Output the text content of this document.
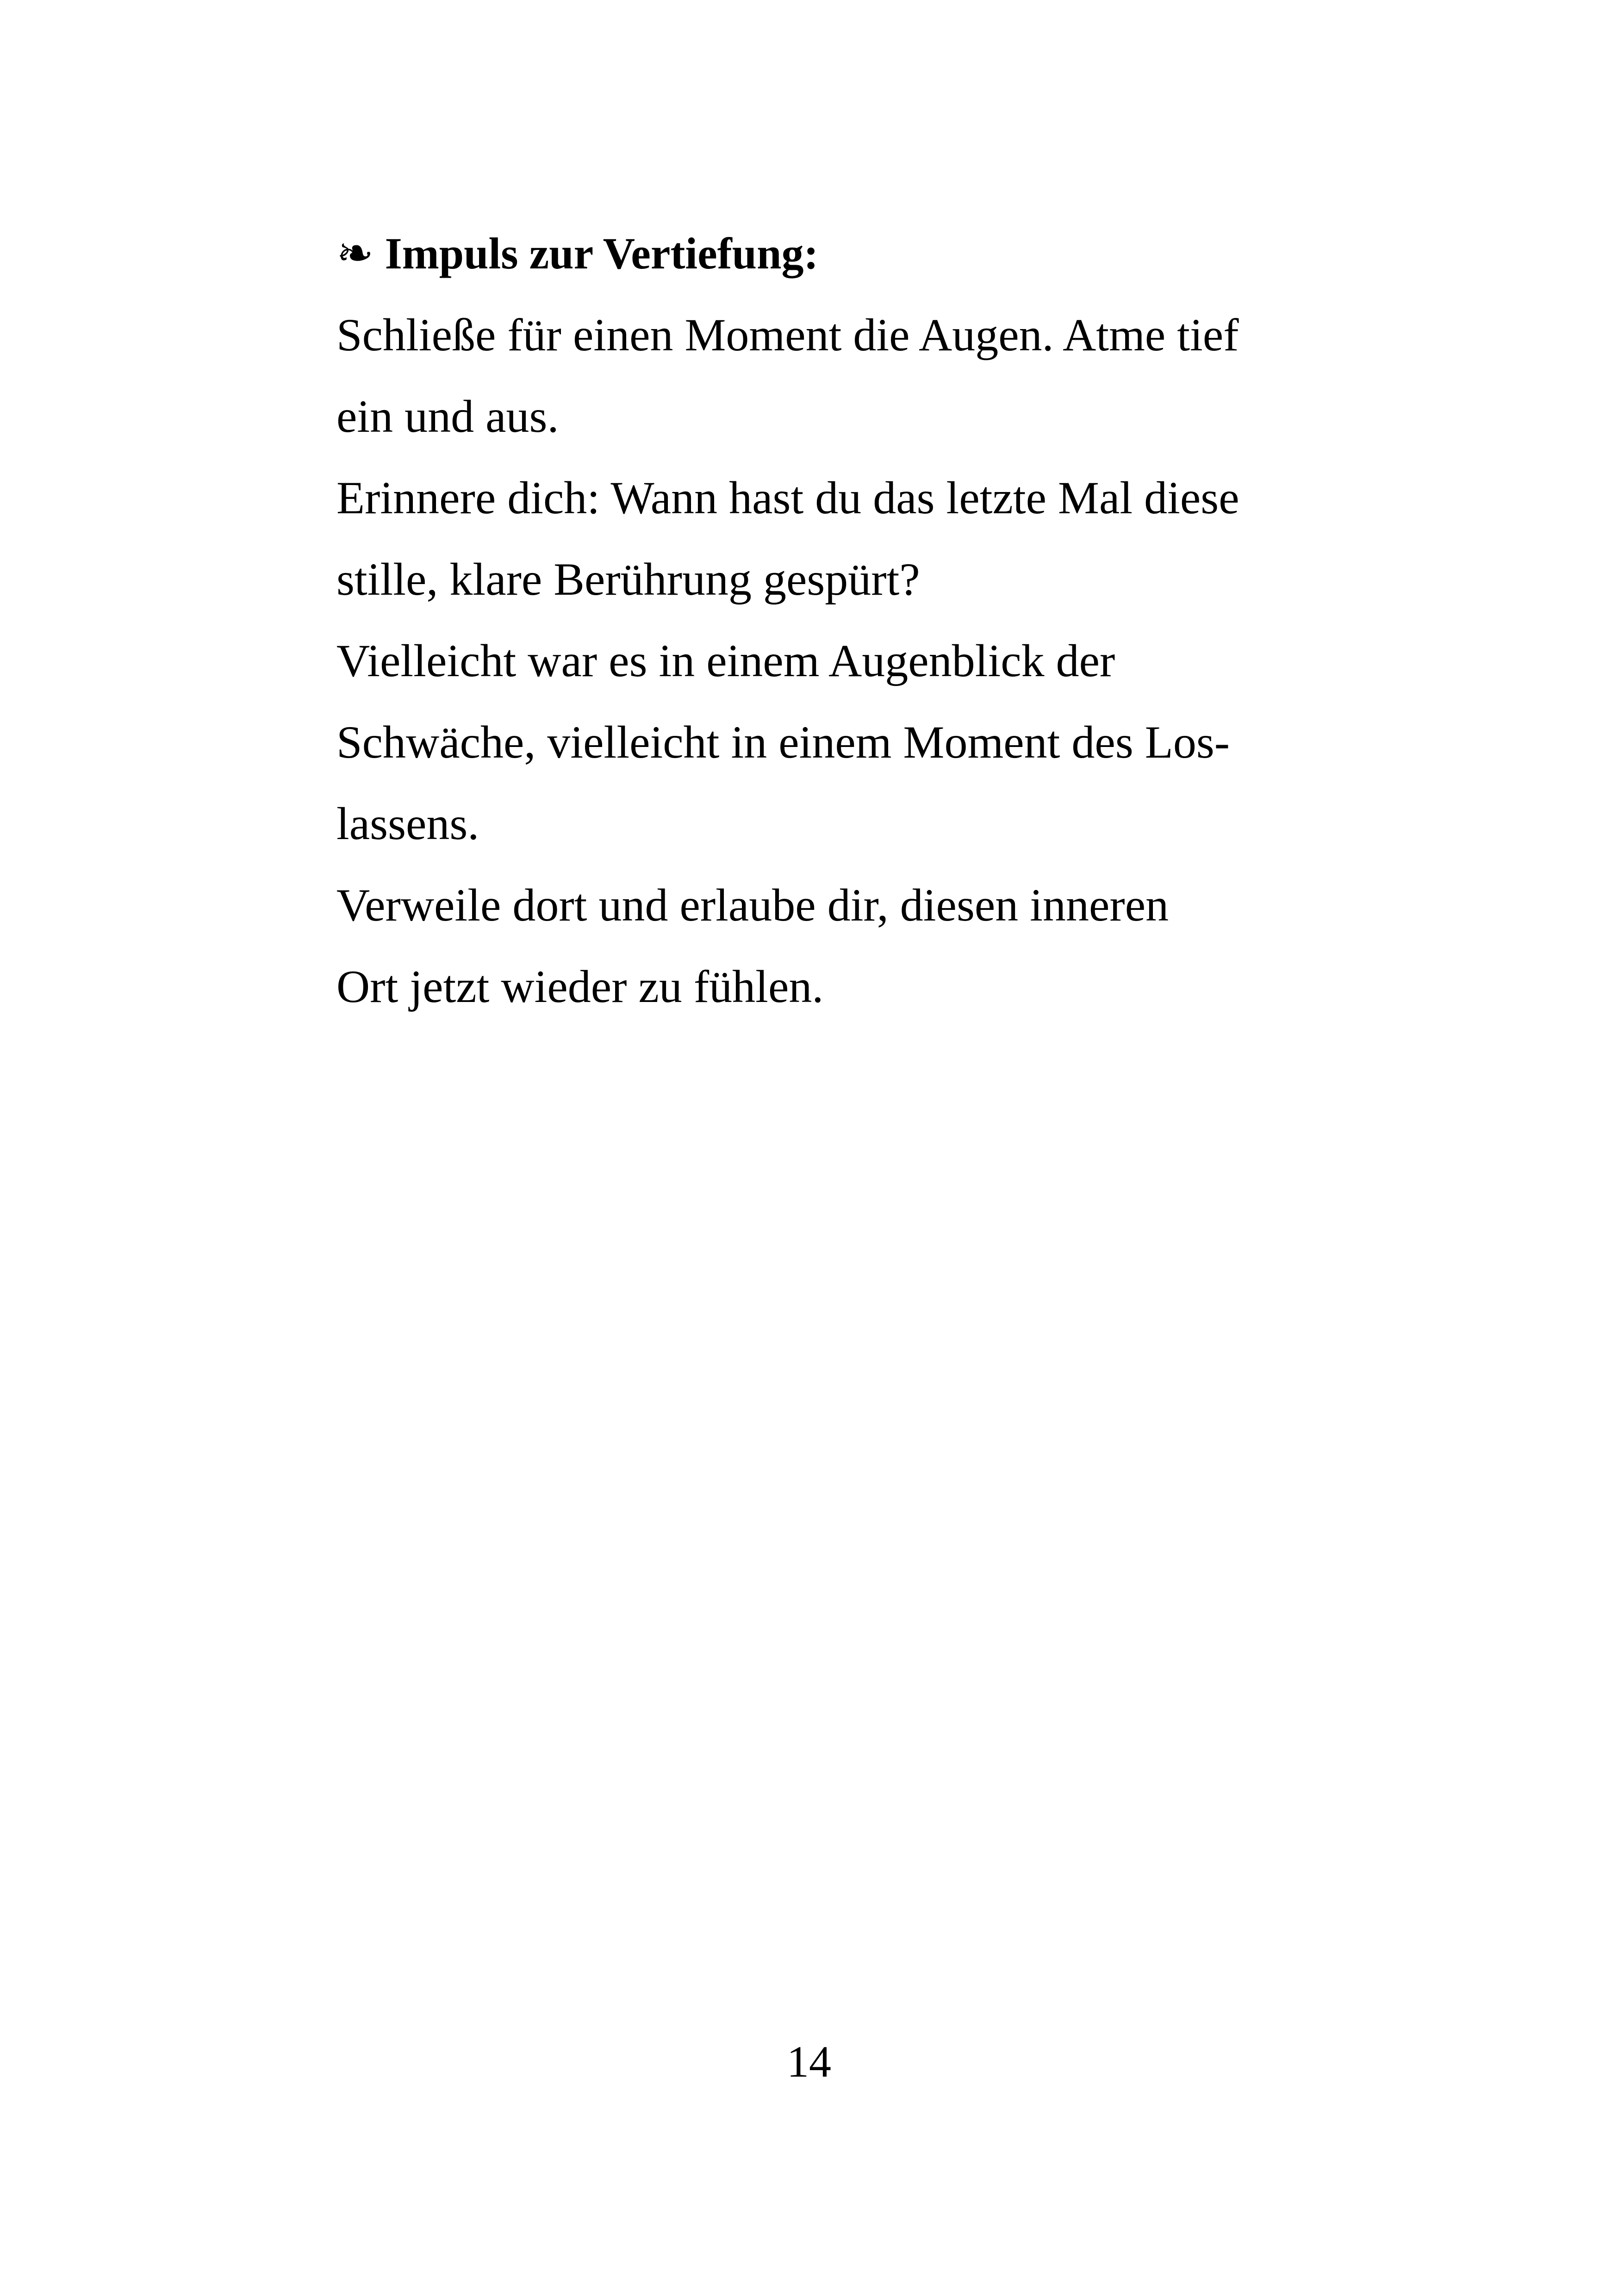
❧ Impuls zur Vertiefung:

Schließe für einen Moment die Augen. Atme tief

ein und aus.

Erinnere dich: Wann hast du das letzte Mal diese

stille, klare Berührung gespürt?

Vielleicht war es in einem Augenblick der

Schwäche, vielleicht in einem Moment des Los-

lassens.

Verweile dort und erlaube dir, diesen inneren

Ort jetzt wieder zu fühlen.

14
